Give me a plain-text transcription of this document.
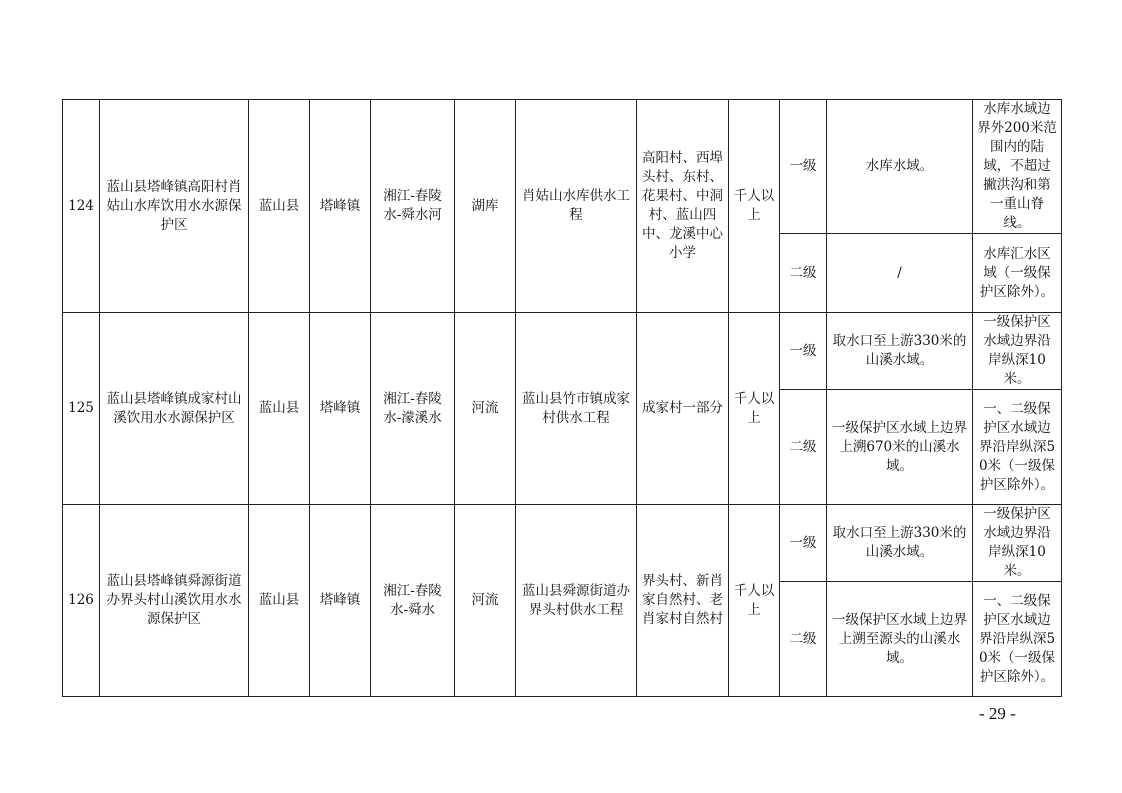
124	蓝山县塔峰镇高阳村肖姑山水库饮用水水源保护区	蓝山县	塔峰镇	湘江-春陵水-舜水河	湖库	肖姑山水库供水工程	高阳村、西埠头村、东村、花果村、中洞村、蓝山四中、龙溪中心小学	千人以上	一级	水库水域。	水库水域边界外200米范围内的陆域，不超过撇洪沟和第一重山脊线。
									二级	/	水库汇水区域（一级保护区除外）。
125	蓝山县塔峰镇成家村山溪饮用水水源保护区	蓝山县	塔峰镇	湘江-春陵水-濛溪水	河流	蓝山县竹市镇成家村供水工程	成家村一部分	千人以上	一级	取水口至上游330米的山溪水域。	一级保护区水域边界沿岸纵深10米。
									二级	一级保护区水域上边界上溯670米的山溪水域。	一、二级保护区水域边界沿岸纵深50米（一级保护区除外）。
126	蓝山县塔峰镇舜源街道办界头村山溪饮用水水源保护区	蓝山县	塔峰镇	湘江-春陵水-舜水	河流	蓝山县舜源街道办界头村供水工程	界头村、新肖家自然村、老肖家村自然村	千人以上	一级	取水口至上游330米的山溪水域。	一级保护区水域边界沿岸纵深10米。
									二级	一级保护区水域上边界上溯至源头的山溪水域。	一、二级保护区水域边界沿岸纵深50米（一级保护区除外）。
- 29 -
